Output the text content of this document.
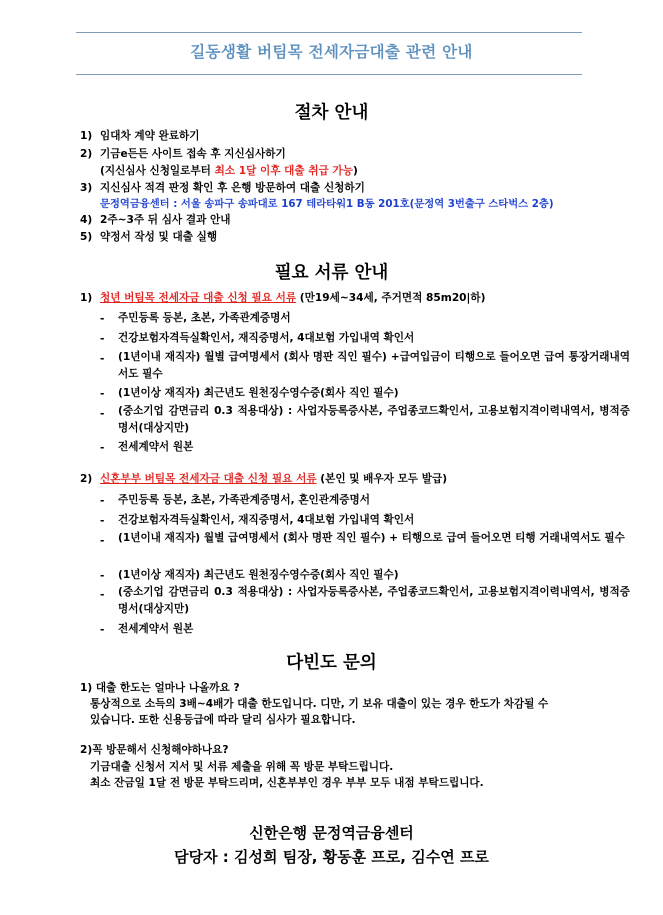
길동생활 버팀목 전세자금대출 관련 안내
절차 안내
1) 임대차 계약 완료하기
2) 기금e든든 사이트 접속 후 지신심사하기
(지신심사 신청일로부터 최소 1달 이후 대출 취급 가능)
3) 지신심사 적격 판정 확인 후 은행 방문하여 대출 신청하기
문정역금융센터 : 서울 송파구 송파대로 167 테라타워1 B동 201호(문정역 3번출구 스타벅스 2층)
4) 2주~3주 뒤 심사 결과 안내
5) 약정서 작성 및 대출 실행
필요 서류 안내
1) 청년 버팀목 전세자금 대출 신청 필요 서류 (만19세~34세, 주거면적 85m20|하)
- 주민등록 등본, 초본, 가족관계증명서
- 건강보험자격득실확인서, 재직증명서, 4대보험 가입내역 확인서
- (1년이내 재직자) 월별 급여명세서 (회사 명판 직인 필수) +급여입금이 티행으로 들어오면 급여 통장거래내역서도 필수
- (1년이상 재직자) 최근년도 원천징수영수증(회사 직인 필수)
- (중소기업 감면금리 0.3 적용대상) : 사업자등록증사본, 주업종코드확인서, 고용보험지격이력내역서, 병적증명서(대상지만)
- 전세계약서 원본
2) 신혼부부 버팀목 전세자금 대출 신청 필요 서류 (본인 및 배우자 모두 발급)
- 주민등록 등본, 초본, 가족관계증명서, 혼인관계증명서
- 건강보험자격득실확인서, 재직증명서, 4대보험 가입내역 확인서
- (1년이내 재직자) 월별 급여명세서 (회사 명판 직인 필수) + 티행으로 급여 들어오면 티행 거래내역서도 필수
- (1년이상 재직자) 최근년도 원천징수영수증(회사 직인 필수)
- (중소기업 감면금리 0.3 적용대상) : 사업자등록증사본, 주업종코드확인서, 고용보험지격이력내역서, 병적증명서(대상지만)
- 전세계약서 원본
다빈도 문의
1) 대출 한도는 얼마나 나올까요 ?
통상적으로 소득의 3배~4배가 대출 한도입니다. 디만, 기 보유 대출이 있는 경우 한도가 차감될 수
있습니다. 또한 신용등급에 따라 달리 심사가 필요합니다.
2)꼭 방문해서 신청해야하나요?
기금대출 신청서 지서 및 서류 제출을 위해 꼭 방문 부탁드립니다.
최소 잔금일 1달 전 방문 부탁드리며, 신혼부부인 경우 부부 모두 내점 부탁드립니다.
신한은행 문정역금융센터
담당자 : 김성희 팀장, 황동훈 프로, 김수연 프로
